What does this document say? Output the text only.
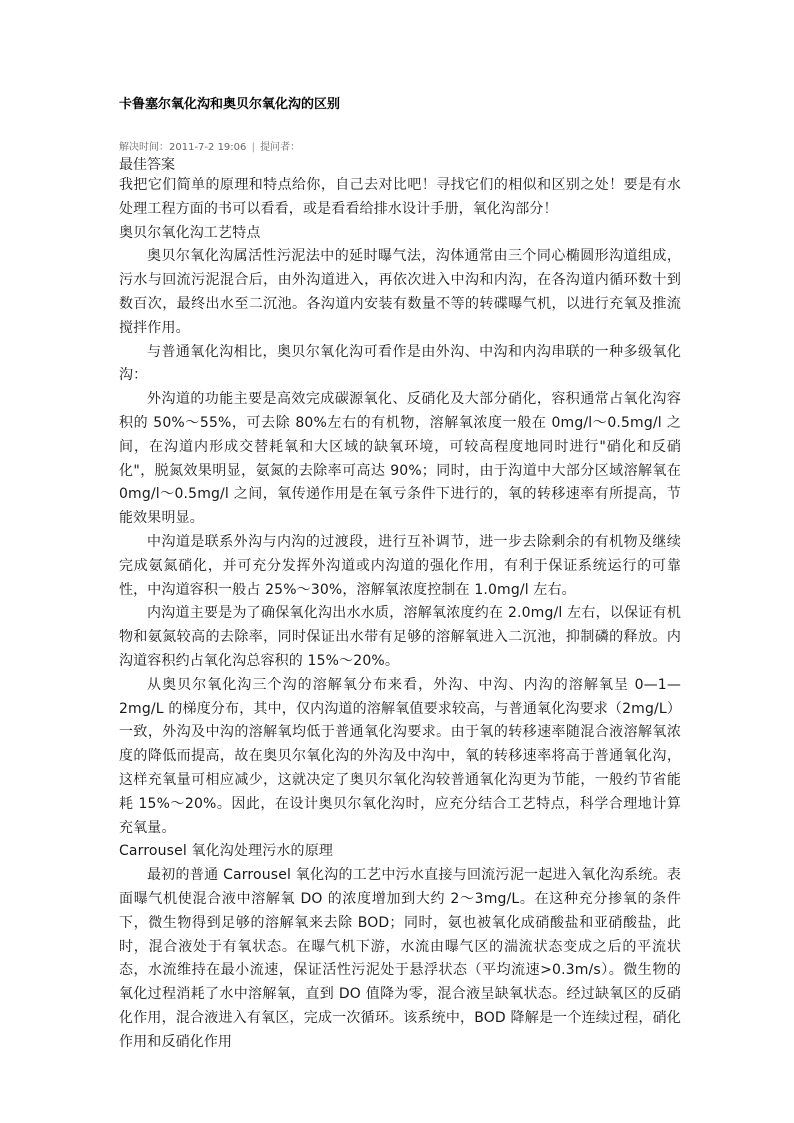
卡鲁塞尔氧化沟和奥贝尔氧化沟的区别
解决时间：2011-7-2 19:06 | 提问者：
最佳答案

我把它们简单的原理和特点给你，自己去对比吧！寻找它们的相似和区别之处！要是有水处理工程方面的书可以看看，或是看看给排水设计手册，氧化沟部分！

奥贝尔氧化沟工艺特点

奥贝尔氧化沟属活性污泥法中的延时曝气法，沟体通常由三个同心椭圆形沟道组成，污水与回流污泥混合后，由外沟道进入，再依次进入中沟和内沟，在各沟道内循环数十到数百次，最终出水至二沉池。各沟道内安装有数量不等的转碟曝气机，以进行充氧及推流搅拌作用。

与普通氧化沟相比，奥贝尔氧化沟可看作是由外沟、中沟和内沟串联的一种多级氧化沟：

外沟道的功能主要是高效完成碳源氧化、反硝化及大部分硝化，容积通常占氧化沟容积的 50%～55%，可去除 80%左右的有机物，溶解氧浓度一般在 0mg/l～0.5mg/l 之间，在沟道内形成交替耗氧和大区域的缺氧环境，可较高程度地同时进行"硝化和反硝化"，脱氮效果明显，氨氮的去除率可高达 90%；同时，由于沟道中大部分区域溶解氧在 0mg/l～0.5mg/l 之间，氧传递作用是在氧亏条件下进行的，氧的转移速率有所提高，节能效果明显。

中沟道是联系外沟与内沟的过渡段，进行互补调节，进一步去除剩余的有机物及继续完成氨氮硝化，并可充分发挥外沟道或内沟道的强化作用，有利于保证系统运行的可靠性，中沟道容积一般占 25%～30%，溶解氧浓度控制在 1.0mg/l 左右。

内沟道主要是为了确保氧化沟出水水质，溶解氧浓度约在 2.0mg/l 左右，以保证有机物和氨氮较高的去除率，同时保证出水带有足够的溶解氧进入二沉池，抑制磷的释放。内沟道容积约占氧化沟总容积的 15%～20%。

从奥贝尔氧化沟三个沟的溶解氧分布来看，外沟、中沟、内沟的溶解氧呈 0—1—2mg/L 的梯度分布，其中，仅内沟道的溶解氧值要求较高，与普通氧化沟要求（2mg/L）一致，外沟及中沟的溶解氧均低于普通氧化沟要求。由于氧的转移速率随混合液溶解氧浓度的降低而提高，故在奥贝尔氧化沟的外沟及中沟中，氧的转移速率将高于普通氧化沟，这样充氧量可相应减少，这就决定了奥贝尔氧化沟较普通氧化沟更为节能，一般约节省能耗 15%～20%。因此，在设计奥贝尔氧化沟时，应充分结合工艺特点，科学合理地计算充氧量。

Carrousel 氧化沟处理污水的原理

最初的普通 Carrousel 氧化沟的工艺中污水直接与回流污泥一起进入氧化沟系统。表面曝气机使混合液中溶解氧 DO 的浓度增加到大约 2～3mg/L。在这种充分掺氧的条件下，微生物得到足够的溶解氧来去除 BOD；同时，氨也被氧化成硝酸盐和亚硝酸盐，此时，混合液处于有氧状态。在曝气机下游，水流由曝气区的湍流状态变成之后的平流状态，水流维持在最小流速，保证活性污泥处于悬浮状态（平均流速>0.3m/s）。微生物的氧化过程消耗了水中溶解氧，直到 DO 值降为零，混合液呈缺氧状态。经过缺氧区的反硝化作用，混合液进入有氧区，完成一次循环。该系统中，BOD 降解是一个连续过程，硝化作用和反硝化作用
